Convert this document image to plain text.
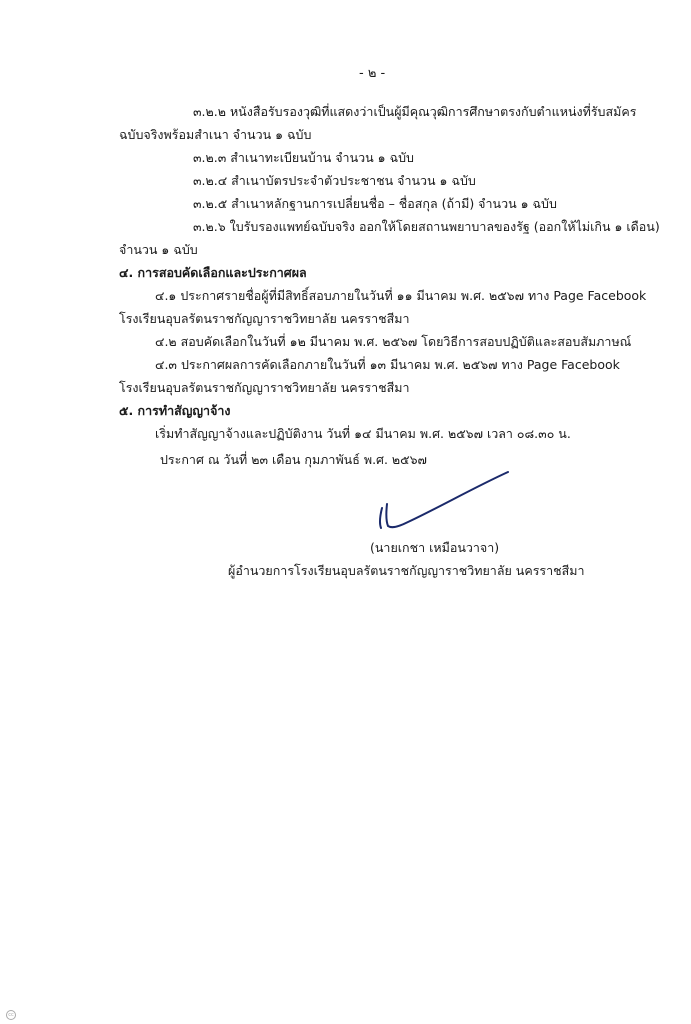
- ๒ -
๓.๒.๒ หนังสือรับรองวุฒิที่แสดงว่าเป็นผู้มีคุณวุฒิการศึกษาตรงกับตำแหน่งที่รับสมัคร
ฉบับจริงพร้อมสำเนา จำนวน ๑ ฉบับ
๓.๒.๓ สำเนาทะเบียนบ้าน จำนวน ๑ ฉบับ
๓.๒.๔ สำเนาบัตรประจำตัวประชาชน จำนวน ๑ ฉบับ
๓.๒.๕ สำเนาหลักฐานการเปลี่ยนชื่อ – ชื่อสกุล (ถ้ามี) จำนวน ๑ ฉบับ
๓.๒.๖ ใบรับรองแพทย์ฉบับจริง ออกให้โดยสถานพยาบาลของรัฐ (ออกให้ไม่เกิน ๑ เดือน)
จำนวน ๑ ฉบับ
๔. การสอบคัดเลือกและประกาศผล
๔.๑ ประกาศรายชื่อผู้ที่มีสิทธิ์สอบภายในวันที่ ๑๑ มีนาคม พ.ศ. ๒๕๖๗ ทาง Page Facebook
โรงเรียนอุบลรัตนราชกัญญาราชวิทยาลัย นครราชสีมา
๔.๒ สอบคัดเลือกในวันที่ ๑๒ มีนาคม พ.ศ. ๒๕๖๗ โดยวิธีการสอบปฏิบัติและสอบสัมภาษณ์
๔.๓ ประกาศผลการคัดเลือกภายในวันที่ ๑๓ มีนาคม พ.ศ. ๒๕๖๗ ทาง Page Facebook
โรงเรียนอุบลรัตนราชกัญญาราชวิทยาลัย นครราชสีมา
๕. การทำสัญญาจ้าง
เริ่มทำสัญญาจ้างและปฏิบัติงาน วันที่ ๑๔ มีนาคม พ.ศ. ๒๕๖๗ เวลา ๐๘.๓๐ น.
ประกาศ ณ วันที่ ๒๓ เดือน กุมภาพันธ์ พ.ศ. ๒๕๖๗
(นายเกชา เหมือนวาจา)
ผู้อำนวยการโรงเรียนอุบลรัตนราชกัญญาราชวิทยาลัย นครราชสีมา
cc
